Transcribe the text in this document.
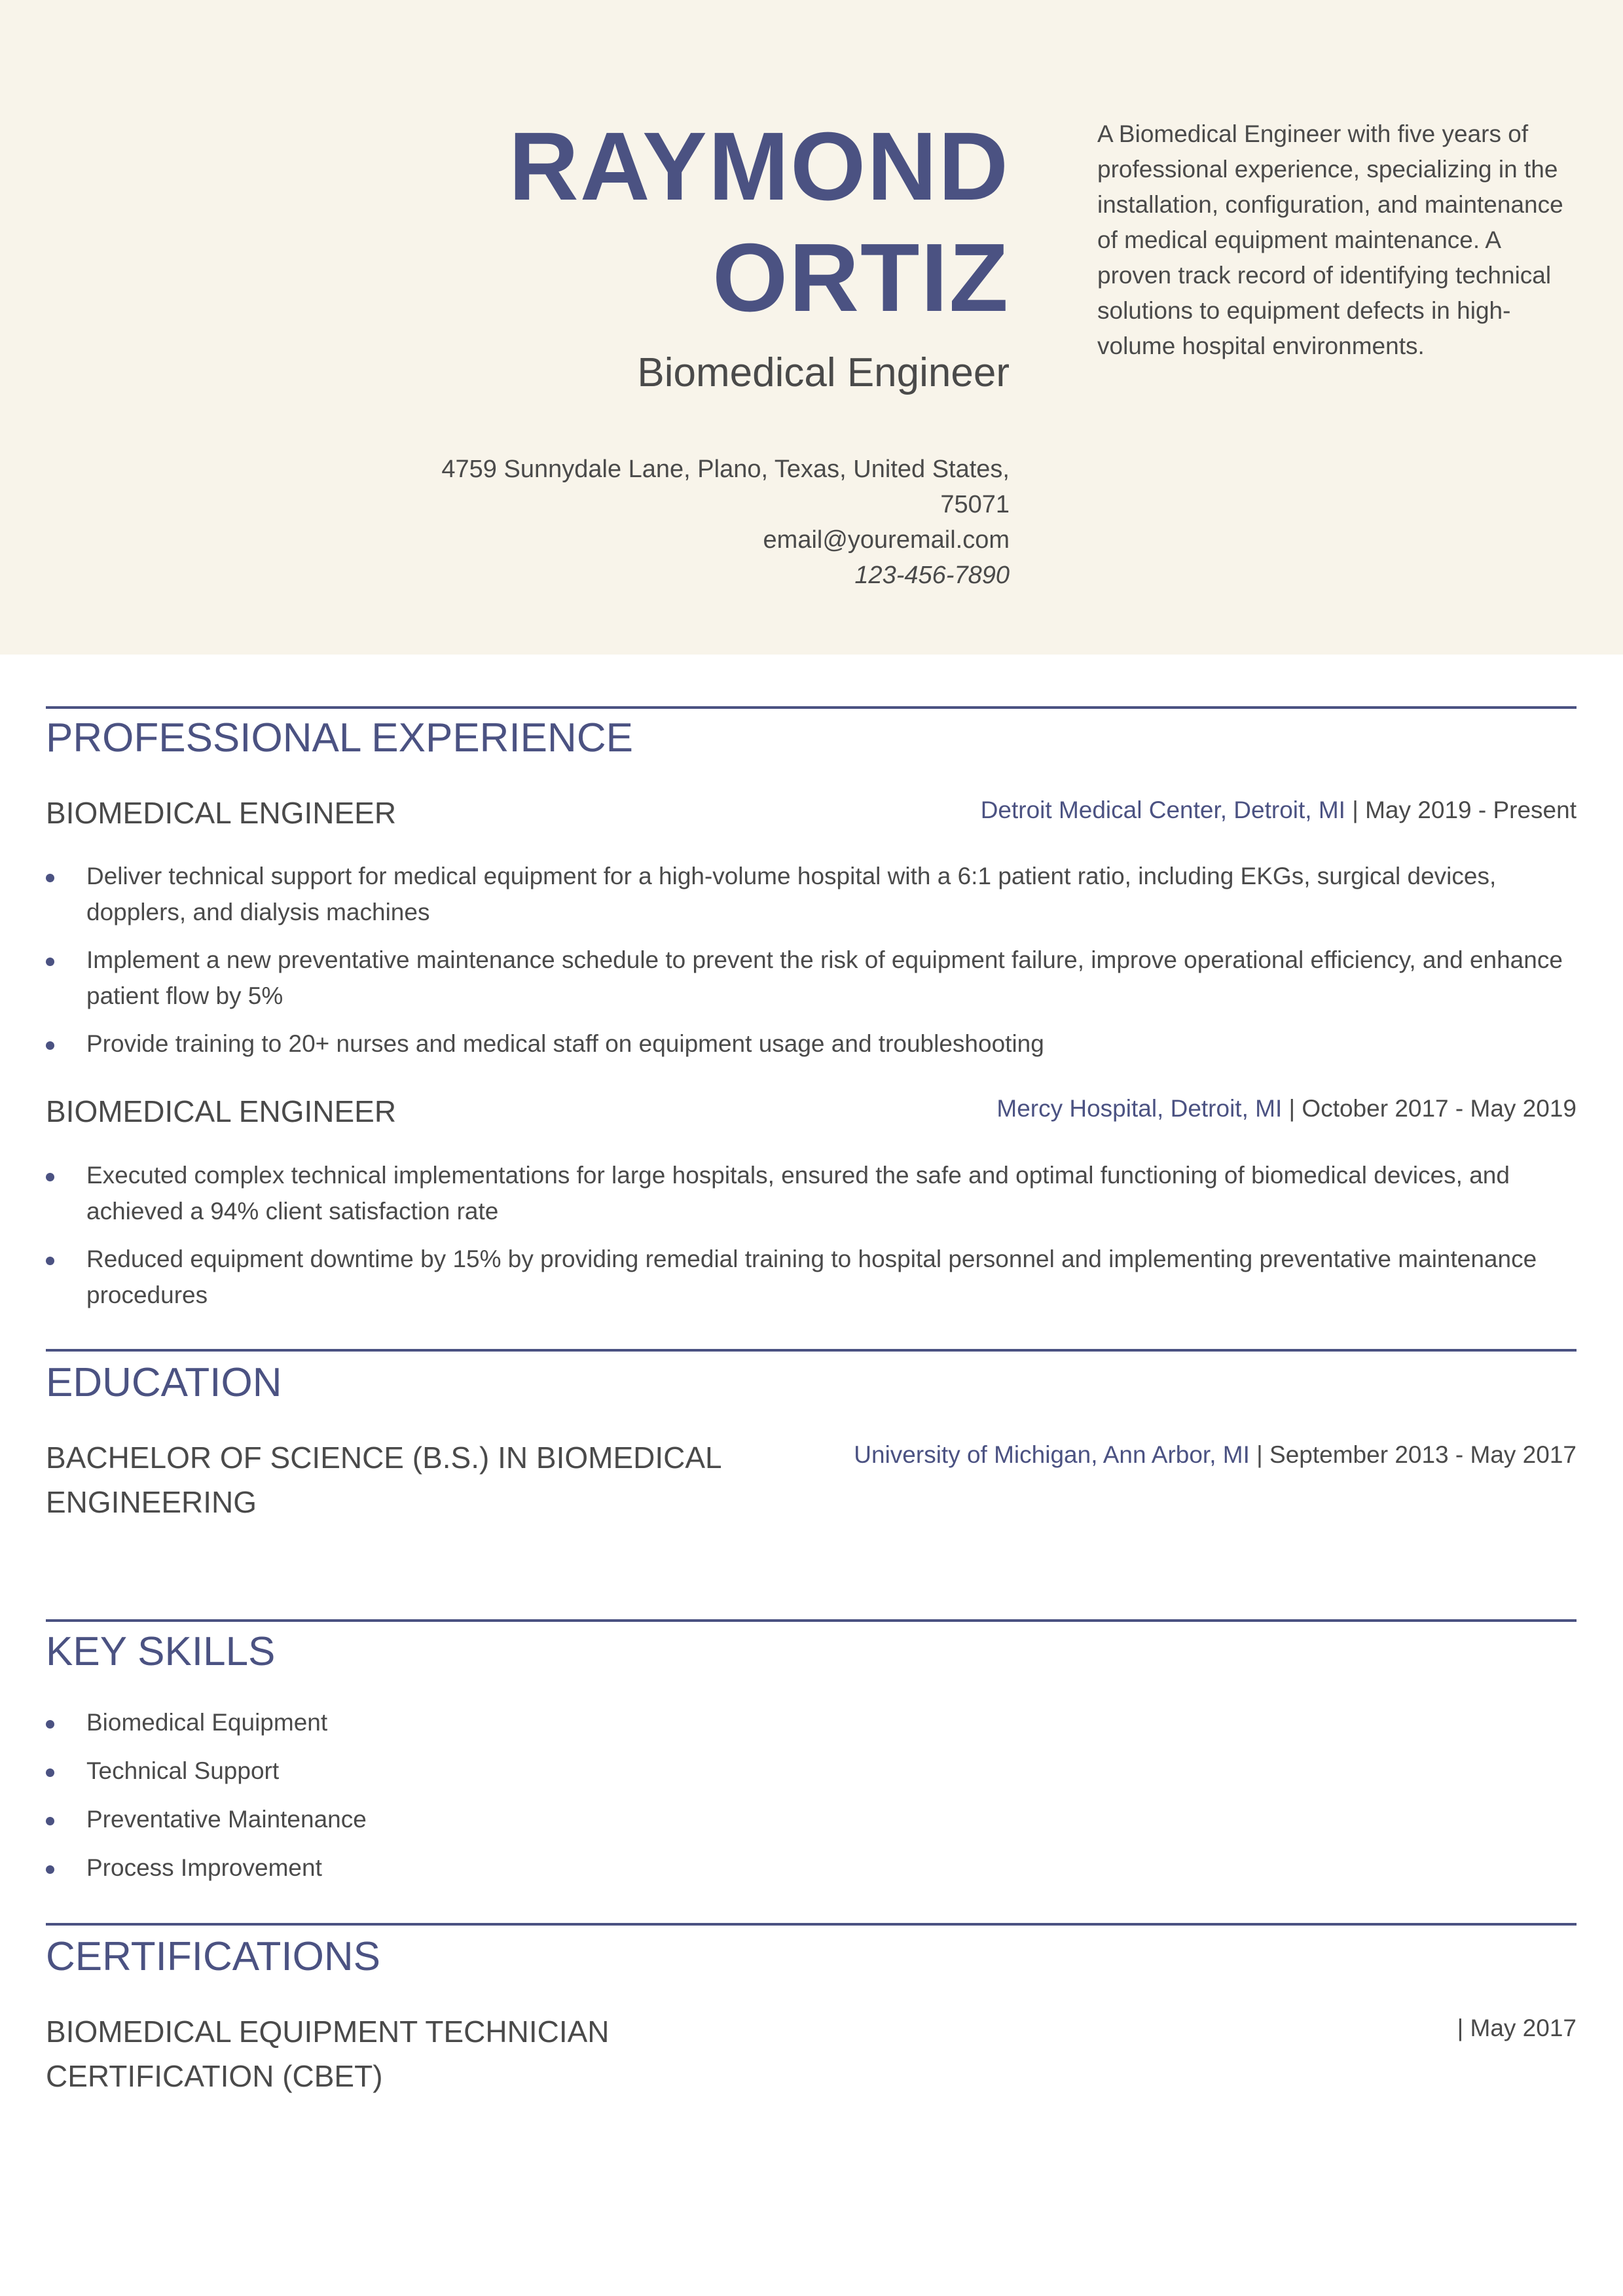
RAYMOND
ORTIZ
Biomedical Engineer
4759 Sunnydale Lane, Plano, Texas, United States,
75071
email@youremail.com
123-456-7890
A Biomedical Engineer with five years of professional experience, specializing in the installation, configuration, and maintenance of medical equipment maintenance. A proven track record of identifying technical solutions to equipment defects in high-volume hospital environments.
PROFESSIONAL EXPERIENCE
BIOMEDICAL ENGINEER	Detroit Medical Center, Detroit, MI | May 2019 - Present
Deliver technical support for medical equipment for a high-volume hospital with a 6:1 patient ratio, including EKGs, surgical devices, dopplers, and dialysis machines
Implement a new preventative maintenance schedule to prevent the risk of equipment failure, improve operational efficiency, and enhance patient flow by 5%
Provide training to 20+ nurses and medical staff on equipment usage and troubleshooting
BIOMEDICAL ENGINEER	Mercy Hospital, Detroit, MI | October 2017 - May 2019
Executed complex technical implementations for large hospitals, ensured the safe and optimal functioning of biomedical devices, and achieved a 94% client satisfaction rate
Reduced equipment downtime by 15% by providing remedial training to hospital personnel and implementing preventative maintenance procedures
EDUCATION
BACHELOR OF SCIENCE (B.S.) IN BIOMEDICAL ENGINEERING
University of Michigan, Ann Arbor, MI | September 2013 - May 2017
KEY SKILLS
Biomedical Equipment
Technical Support
Preventative Maintenance
Process Improvement
CERTIFICATIONS
BIOMEDICAL EQUIPMENT TECHNICIAN CERTIFICATION (CBET)
| May 2017
